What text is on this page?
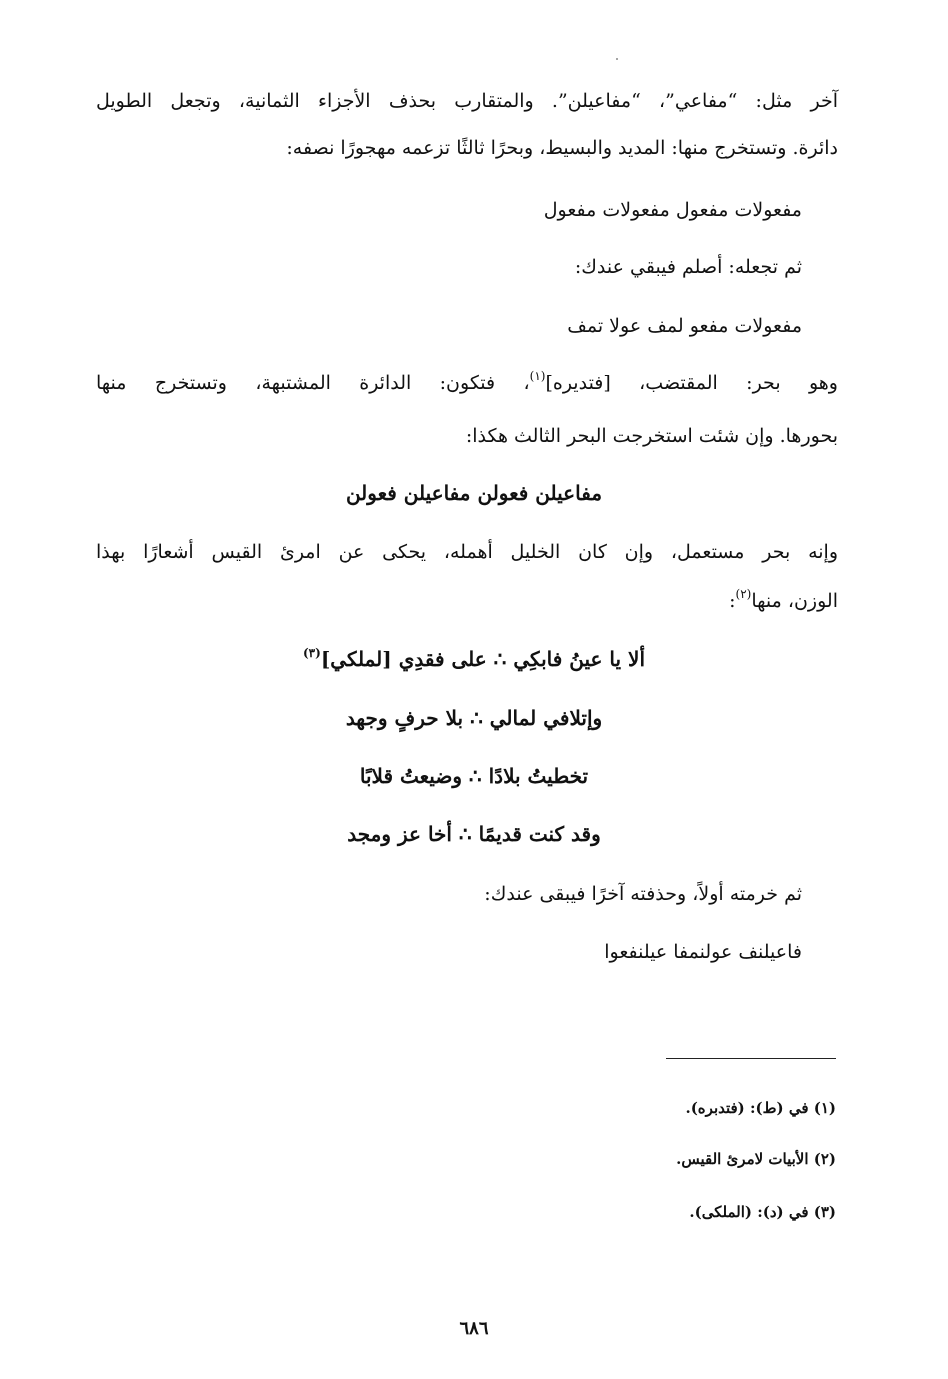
آخر مثل: “مفاعي”، “مفاعيلن”. والمتقارب بحذف الأجزاء الثمانية، وتجعل الطويل
دائرة. وتستخرج منها: المديد والبسيط، وبحرًا ثالثًا تزعمه مهجورًا نصفه:
مفعولات مفعول مفعولات مفعول
ثم تجعله: أصلم فيبقي عندك:
مفعولات مفعو لمف عولا تمف
وهو بحر: المقتضب، [فتديره]$^{(١)}$، فتكون: الدائرة المشتبهة، وتستخرج منها
بحورها. وإن شئت استخرجت البحر الثالث هكذا:
مفاعيلن فعولن مفاعيلن فعولن
وإنه بحر مستعمل، وإن كان الخليل أهمله، يحكى عن امرئ القيس أشعارًا بهذا
الوزن، منها$^{(٢)}$:
ألا يا عينُ فابكِي ∴ على فقدِي [لملكي]$^{(٣)}$
وإتلافي لمالي ∴ بلا حرفٍ وجهد
تخطيتُ بلادًا ∴ وضيعتُ قلابًا
وقد كنت قديمًا ∴ أخا عز ومجد
ثم خرمته أولاً، وحذفته آخرًا فيبقى عندك:
فاعيلنف عولنمفا عيلنفعوا
(١) في (ط): (فتدبره).
(٢) الأبيات لامرئ القيس.
(٣) في (د): (الملكى).
٦٨٦
